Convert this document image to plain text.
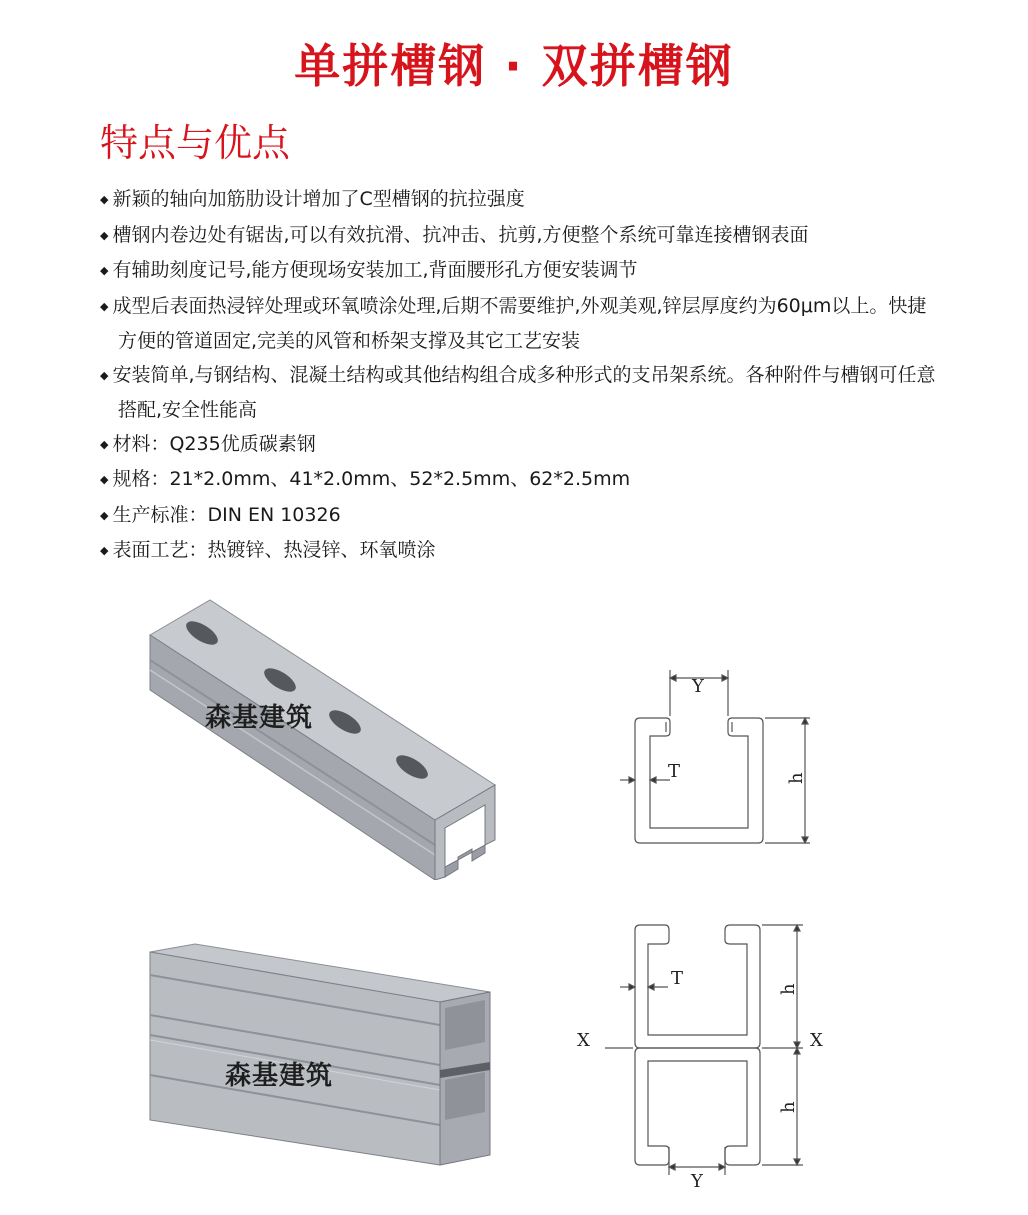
单拼槽钢 · 双拼槽钢
特点与优点
◆ 新颖的轴向加筋肋设计增加了C型槽钢的抗拉强度
◆ 槽钢内卷边处有锯齿,可以有效抗滑、抗冲击、抗剪,方便整个系统可靠连接槽钢表面
◆ 有辅助刻度记号,能方便现场安装加工,背面腰形孔方便安装调节
◆ 成型后表面热浸锌处理或环氧喷涂处理,后期不需要维护,外观美观,锌层厚度约为60μm以上。快捷方便的管道固定,完美的风管和桥架支撑及其它工艺安装
◆ 安装简单,与钢结构、混凝土结构或其他结构组合成多种形式的支吊架系统。各种附件与槽钢可任意搭配,安全性能高
◆ 材料：Q235优质碳素钢
◆ 规格：21*2.0mm、41*2.0mm、52*2.5mm、62*2.5mm
◆ 生产标准：DIN EN 10326
◆ 表面工艺：热镀锌、热浸锌、环氧喷涂
森基建筑
森基建筑
Y
T	h
T
h
h
X	X
Y
